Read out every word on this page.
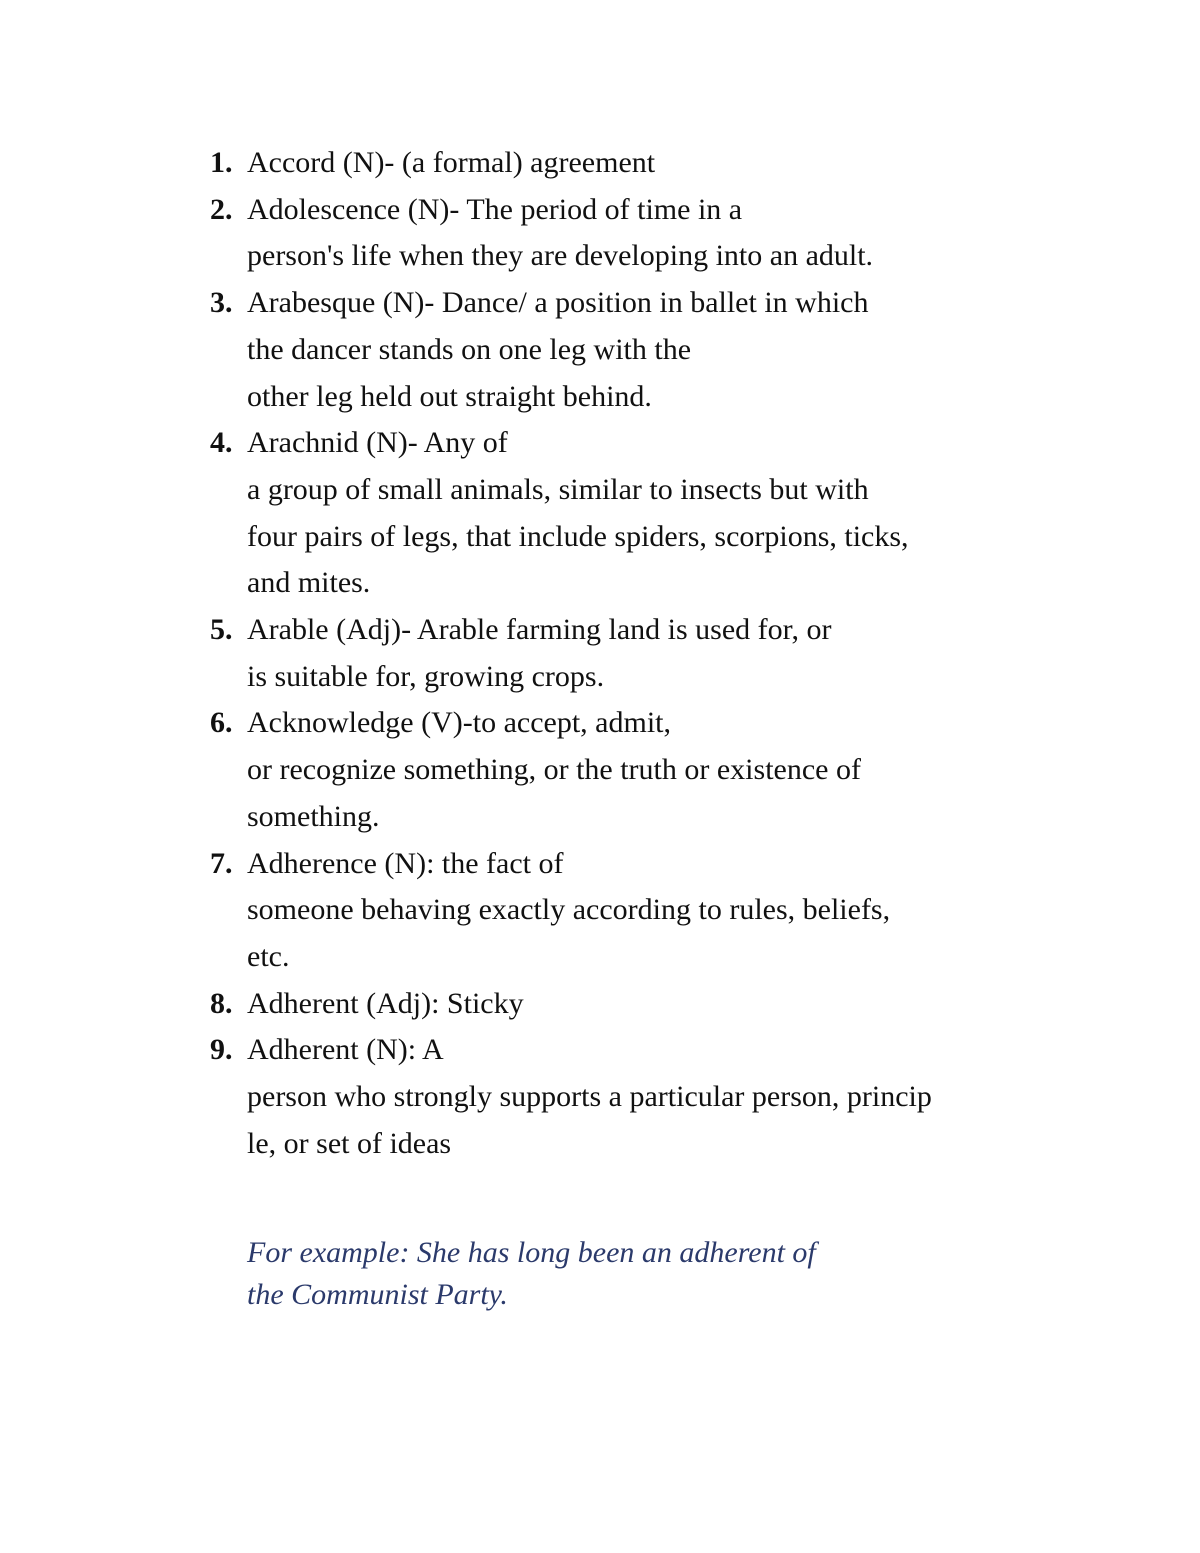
1. Accord (N)- (a formal) agreement
2. Adolescence (N)- The period of time in a
person's life when they are developing into an adult.
3. Arabesque (N)- Dance/ a position in ballet in which
the dancer stands on one leg with the
other leg held out straight behind.
4. Arachnid (N)- Any of
a group of small animals, similar to insects but with
four pairs of legs, that include spiders, scorpions, ticks,
and mites.
5. Arable (Adj)- Arable farming land is used for, or
is suitable for, growing crops.
6. Acknowledge (V)-to accept, admit,
or recognize something, or the truth or existence of
something.
7. Adherence (N): the fact of
someone behaving exactly according to rules, beliefs,
etc.
8. Adherent (Adj): Sticky
9. Adherent (N): A
person who strongly supports a particular person, princip
le, or set of ideas
For example: She has long been an adherent of
the Communist Party.
